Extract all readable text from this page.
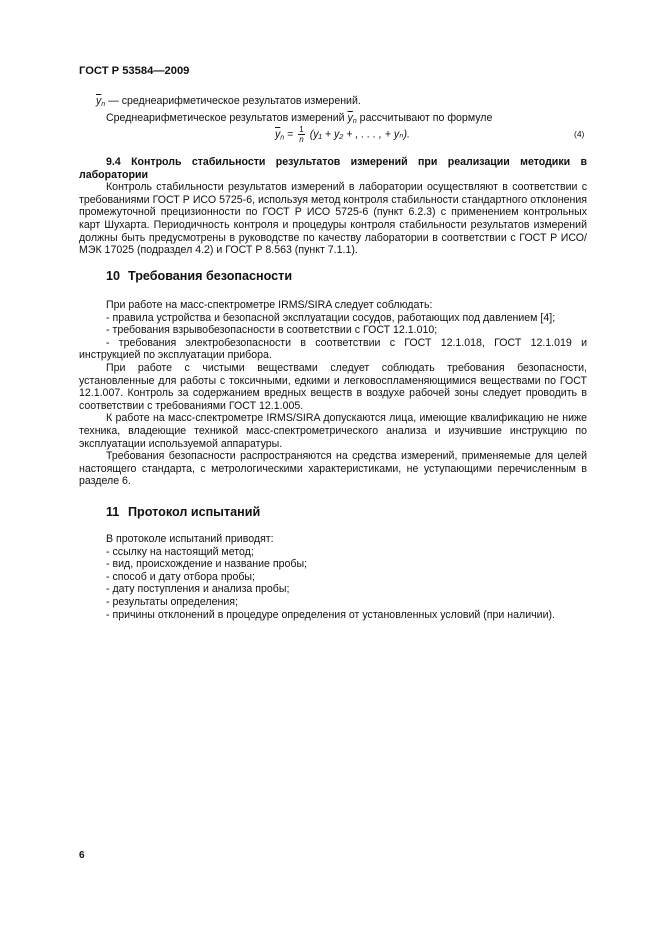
ГОСТ Р 53584—2009

$\overline{y}_n$ — среднеарифметическое результатов измерений.

Среднеарифметическое результатов измерений $\overline{y}_n$ рассчитывают по формуле

$\overline{y}_n = \frac{1}{n} (y_1 + y_2$ + , . . . , + yₙ).	(4)

9.4 Контроль стабильности результатов измерений при реализации методики в лаборатории

Контроль стабильности результатов измерений в лаборатории осуществляют в соответствии с требованиями ГОСТ Р ИСО 5725-6, используя метод контроля стабильности стандартного отклонения промежуточной прецизионности по ГОСТ Р ИСО 5725-6 (пункт 6.2.3) с применением контрольных карт Шухарта. Периодичность контроля и процедуры контроля стабильности результатов измерений должны быть предусмотрены в руководстве по качеству лаборатории в соответствии с ГОСТ Р ИСО/МЭК 17025 (подраздел 4.2) и ГОСТ Р 8.563 (пункт 7.1.1).

10 Требования безопасности

При работе на масс-спектрометре IRMS/SIRA следует соблюдать:

- правила устройства и безопасной эксплуатации сосудов, работающих под давлением [4];

- требования взрывобезопасности в соответствии с ГОСТ 12.1.010;

- требования электробезопасности в соответствии с ГОСТ 12.1.018, ГОСТ 12.1.019 и инструкцией по эксплуатации прибора.

При работе с чистыми веществами следует соблюдать требования безопасности, установленные для работы с токсичными, едкими и легковоспламеняющимися веществами по ГОСТ 12.1.007. Контроль за содержанием вредных веществ в воздухе рабочей зоны следует проводить в соответствии с требованиями ГОСТ 12.1.005.

К работе на масс-спектрометре IRMS/SIRA допускаются лица, имеющие квалификацию не ниже техника, владеющие техникой масс-спектрометрического анализа и изучившие инструкцию по эксплуатации используемой аппаратуры.

Требования безопасности распространяются на средства измерений, применяемые для целей настоящего стандарта, с метрологическими характеристиками, не уступающими перечисленным в разделе 6.

11 Протокол испытаний

В протоколе испытаний приводят:

- ссылку на настоящий метод;

- вид, происхождение и название пробы;

- способ и дату отбора пробы;

- дату поступления и анализа пробы;

- результаты определения;

- причины отклонений в процедуре определения от установленных условий (при наличии).

6
